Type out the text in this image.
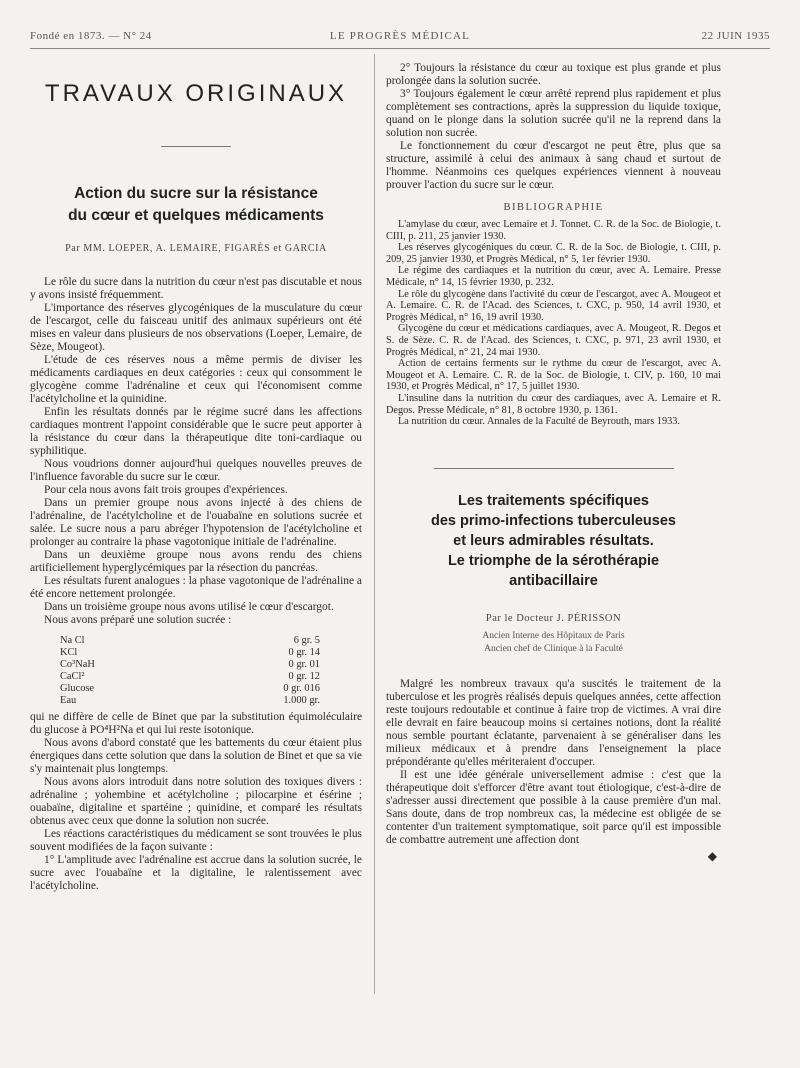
Fondé en 1873. — N° 24	LE PROGRÈS MÉDICAL	22 JUIN 1935
TRAVAUX ORIGINAUX
Action du sucre sur la résistance
du cœur et quelques médicaments
Par MM. LOEPER, A. LEMAIRE, FIGARÈS et GARCIA

Le rôle du sucre dans la nutrition du cœur n'est pas discutable et nous y avons insisté fréquemment.

L'importance des réserves glycogéniques de la musculature du cœur de l'escargot, celle du faisceau unitif des animaux supérieurs ont été mises en valeur dans plusieurs de nos observations (Loeper, Lemaire, de Sèze, Mougeot).

L'étude de ces réserves nous a même permis de diviser les médicaments cardiaques en deux catégories : ceux qui consomment le glycogène comme l'adrénaline et ceux qui l'économisent comme l'acétylcholine et la quinidine.

Enfin les résultats donnés par le régime sucré dans les affections cardiaques montrent l'appoint considérable que le sucre peut apporter à la résistance du cœur dans la thérapeutique dite toni-cardiaque ou syphilitique.

Nous voudrions donner aujourd'hui quelques nouvelles preuves de l'influence favorable du sucre sur le cœur.

Pour cela nous avons fait trois groupes d'expériences.

Dans un premier groupe nous avons injecté à des chiens de l'adrénaline, de l'acétylcholine et de l'ouabaïne en solutions sucrée et salée. Le sucre nous a paru abréger l'hypotension de l'acétylcholine et prolonger au contraire la phase vagotonique initiale de l'adrénaline.

Dans un deuxième groupe nous avons rendu des chiens artificiellement hyperglycémiques par la résection du pancréas.

Les résultats furent analogues : la phase vagotonique de l'adrénaline a été encore nettement prolongée.

Dans un troisième groupe nous avons utilisé le cœur d'escargot.

Nous avons préparé une solution sucrée :

Na Cl	6 gr. 5
KCl	0 gr. 14
Co³NaH	0 gr. 01
CaCl²	0 gr. 12
Glucose	0 gr. 016
Eau	1.000 gr.

qui ne diffère de celle de Binet que par la substitution équimoléculaire du glucose à PO⁴H²Na et qui lui reste isotonique.

Nous avons d'abord constaté que les battements du cœur étaient plus énergiques dans cette solution que dans la solution de Binet et que sa vie s'y maintenait plus longtemps.

Nous avons alors introduit dans notre solution des toxiques divers : adrénaline ; yohembine et acétylcholine ; pilocarpine et ésérine ; ouabaïne, digitaline et spartéine ; quinidine, et comparé les résultats obtenus avec ceux que donne la solution non sucrée.

Les réactions caractéristiques du médicament se sont trouvées le plus souvent modifiées de la façon suivante :

1° L'amplitude avec l'adrénaline est accrue dans la solution sucrée, le sucre avec l'ouabaïne et la digitaline, le ralentissement avec l'acétylcholine.

2° Toujours la résistance du cœur au toxique est plus grande et plus prolongée dans la solution sucrée.

3° Toujours également le cœur arrêté reprend plus rapidement et plus complètement ses contractions, après la suppression du liquide toxique, quand on le plonge dans la solution sucrée qu'il ne la reprend dans la solution non sucrée.

Le fonctionnement du cœur d'escargot ne peut être, plus que sa structure, assimilé à celui des animaux à sang chaud et surtout de l'homme. Néanmoins ces quelques expériences viennent à nouveau prouver l'action du sucre sur le cœur.

BIBLIOGRAPHIE

L'amylase du cœur, avec Lemaire et J. Tonnet. C. R. de la Soc. de Biologie, t. CIII, p. 211, 25 janvier 1930.

Les réserves glycogéniques du cœur. C. R. de la Soc. de Biologie, t. CIII, p. 209, 25 janvier 1930, et Progrès Médical, n° 5, 1er février 1930.

Le régime des cardiaques et la nutrition du cœur, avec A. Lemaire. Presse Médicale, n° 14, 15 février 1930, p. 232.

Le rôle du glycogène dans l'activité du cœur de l'escargot, avec A. Mougeot et A. Lemaire. C. R. de l'Acad. des Sciences, t. CXC, p. 950, 14 avril 1930, et Progrès Médical, n° 16, 19 avril 1930.

Glycogène du cœur et médications cardiaques, avec A. Mougeot, R. Degos et S. de Sèze. C. R. de l'Acad. des Sciences, t. CXC, p. 971, 23 avril 1930, et Progrès Médical, n° 21, 24 mai 1930.

Action de certains ferments sur le rythme du cœur de l'escargot, avec A. Mougeot et A. Lemaire. C. R. de la Soc. de Biologie, t. CIV, p. 160, 10 mai 1930, et Progrès Médical, n° 17, 5 juillet 1930.

L'insuline dans la nutrition du cœur des cardiaques, avec A. Lemaire et R. Degos. Presse Médicale, n° 81, 8 octobre 1930, p. 1361.

La nutrition du cœur. Annales de la Faculté de Beyrouth, mars 1933.

Les traitements spécifiques
des primo-infections tuberculeuses
et leurs admirables résultats.
Le triomphe de la sérothérapie
antibacillaire
Par le Docteur J. PÉRISSON
Ancien Interne des Hôpitaux de Paris
Ancien chef de Clinique à la Faculté

Malgré les nombreux travaux qu'a suscités le traitement de la tuberculose et les progrès réalisés depuis quelques années, cette affection reste toujours redoutable et continue à faire trop de victimes. A vrai dire elle devrait en faire beaucoup moins si certaines notions, dont la réalité nous semble pourtant éclatante, parvenaient à se généraliser dans les milieux médicaux et à prendre dans l'enseignement la place prépondérante qu'elles mériteraient d'occuper.

Il est une idée générale universellement admise : c'est que la thérapeutique doit s'efforcer d'être avant tout étiologique, c'est-à-dire de s'adresser aussi directement que possible à la cause première d'un mal. Sans doute, dans de trop nombreux cas, la médecine est obligée de se contenter d'un traitement symptomatique, soit parce qu'il est impossible de combattre autrement une affection dont

◆
